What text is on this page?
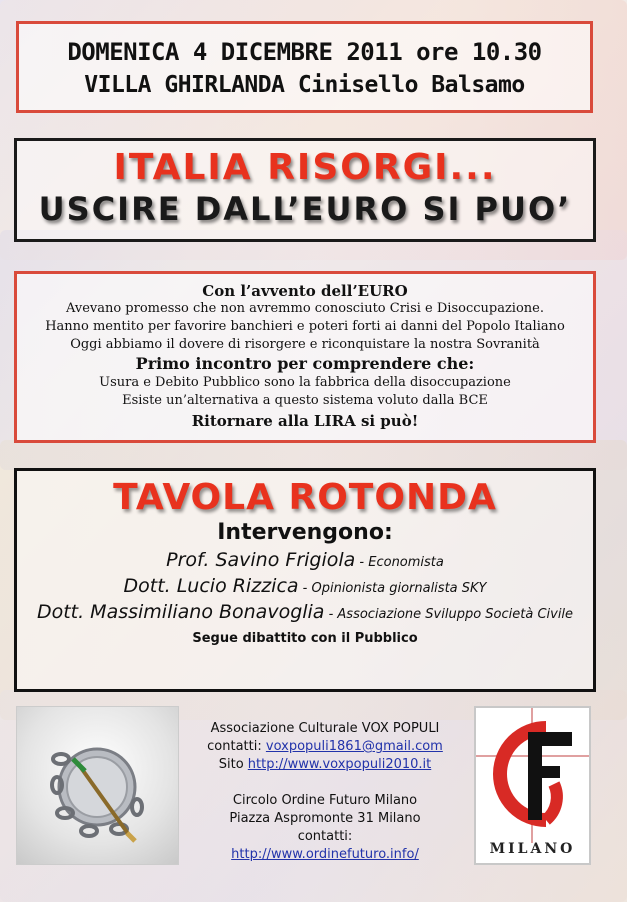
DOMENICA 4 DICEMBRE 2011 ore 10.30
VILLA GHIRLANDA Cinisello Balsamo
ITALIA RISORGI...
USCIRE DALL’EURO SI PUO’
Con l’avvento dell’EURO
Avevano promesso che non avremmo conosciuto Crisi e Disoccupazione.
Hanno mentito per favorire banchieri e poteri forti ai danni del Popolo Italiano
Oggi abbiamo il dovere di risorgere e riconquistare la nostra Sovranità
Primo incontro per comprendere che:
Usura e Debito Pubblico sono la fabbrica della disoccupazione
Esiste un’alternativa a questo sistema voluto dalla BCE
Ritornare alla LIRA si può!
TAVOLA ROTONDA
Intervengono:
Prof. Savino Frigiola - Economista
Dott. Lucio Rizzica - Opinionista giornalista SKY
Dott. Massimiliano Bonavoglia - Associazione Sviluppo Società Civile
Segue dibattito con il Pubblico
Associazione Culturale VOX POPULI
contatti: voxpopuli1861@gmail.com
Sito http://www.voxpopuli2010.it
Circolo Ordine Futuro Milano
Piazza Aspromonte 31 Milano
contatti:
http://www.ordinefuturo.info/	MILANO
